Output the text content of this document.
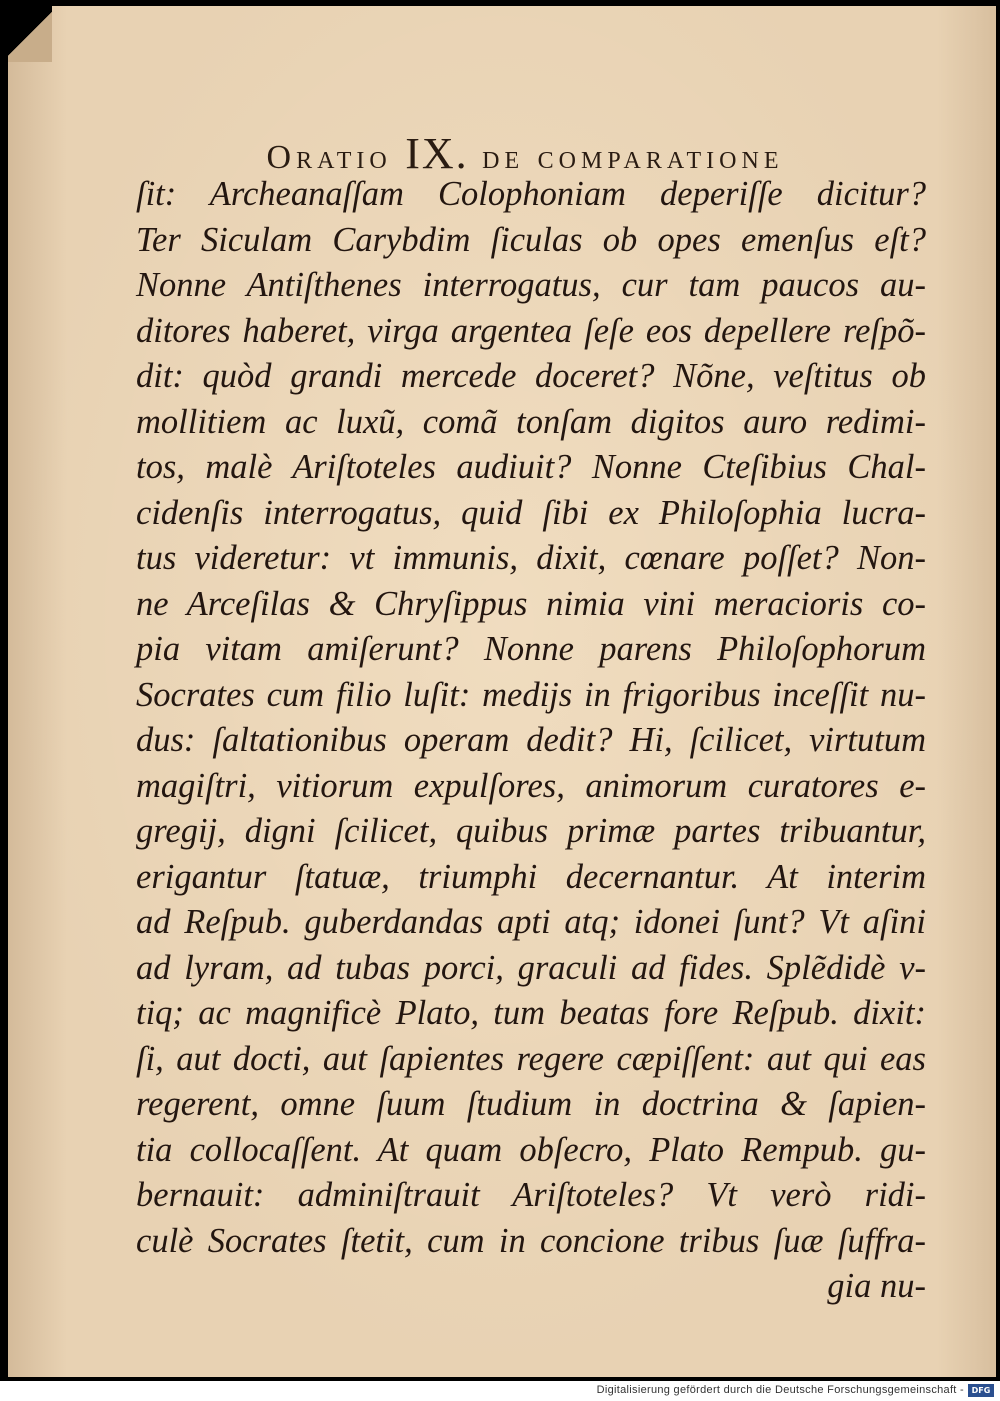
Oratio IX. de comparatione
ſit: Archeanaſſam Colophoniam deperiſſe dicitur?
Ter Siculam Carybdim ſiculas ob opes emenſus eſt?
Nonne Antiſthenes interrogatus, cur tam paucos au-
ditores haberet, virga argentea ſeſe eos depellere reſpõ-
dit: quòd grandi mercede doceret? Nõne, veſtitus ob
mollitiem ac luxũ, comã tonſam digitos auro redimi-
tos, malè Ariſtoteles audiuit? Nonne Cteſibius Chal-
cidenſis interrogatus, quid ſibi ex Philoſophia lucra-
tus videretur: vt immunis, dixit, cœnare poſſet? Non-
ne Arceſilas & Chryſippus nimia vini meracioris co-
pia vitam amiſerunt? Nonne parens Philoſophorum
Socrates cum filio luſit: medijs in frigoribus inceſſit nu-
dus: ſaltationibus operam dedit? Hi, ſcilicet, virtutum
magiſtri, vitiorum expulſores, animorum curatores e-
gregij, digni ſcilicet, quibus primæ partes tribuantur,
erigantur ſtatuæ, triumphi decernantur. At interim
ad Reſpub. guberdandas apti atq; idonei ſunt? Vt aſini
ad lyram, ad tubas porci, graculi ad fides. Splẽdidè v-
tiq; ac magnificè Plato, tum beatas fore Reſpub. dixit:
ſi, aut docti, aut ſapientes regere cæpiſſent: aut qui eas
regerent, omne ſuum ſtudium in doctrina & ſapien-
tia collocaſſent. At quam obſecro, Plato Rempub. gu-
bernauit: adminiſtrauit Ariſtoteles? Vt verò ridi-
culè Socrates ſtetit, cum in concione tribus ſuæ ſuffra-
gia nu-
Digitalisierung gefördert durch die Deutsche Forschungsgemeinschaft - DFG
